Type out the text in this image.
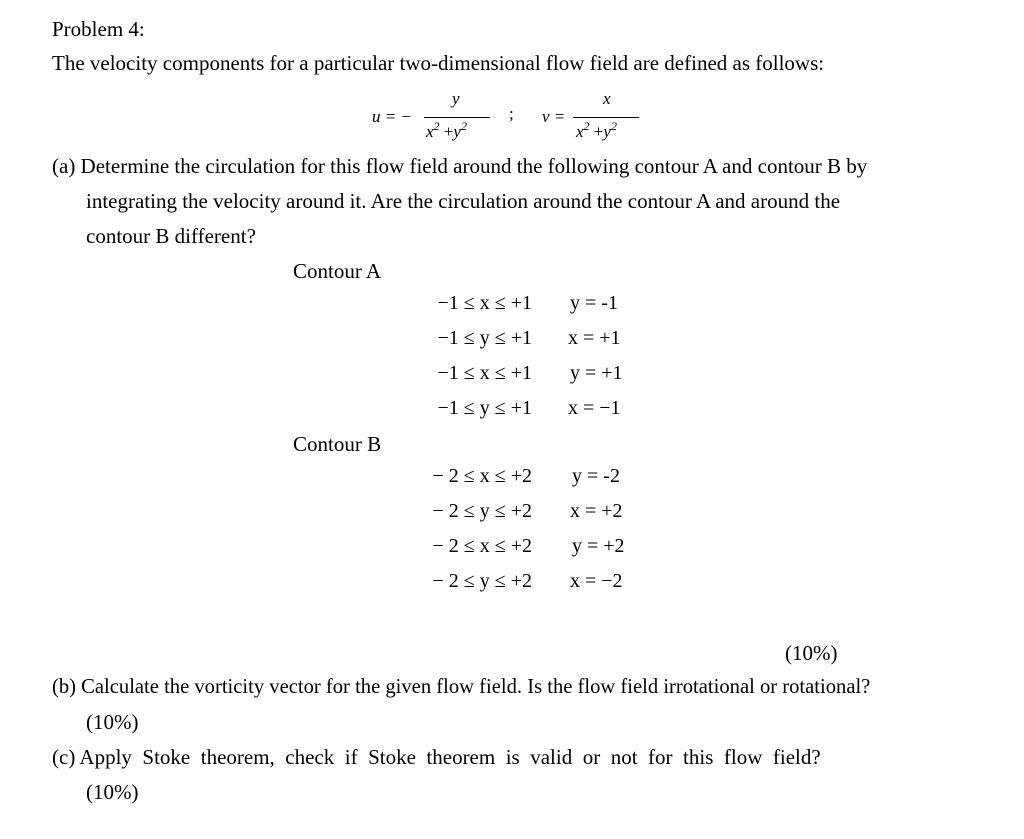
Problem 4:
The velocity components for a particular two-dimensional flow field are defined as follows:
u = −
y
$x^2 +y^2$
; v =
x
$x^2 +y^2$
(a) Determine the circulation for this flow field around the following contour A and contour B by
integrating the velocity around it. Are the circulation around the contour A and around the
contour B different?
Contour A
−1 ≤ x ≤ +1 y = -1
−1 ≤ y ≤ +1 x = +1
−1 ≤ x ≤ +1 y = +1
−1 ≤ y ≤ +1 x = −1
Contour B
− 2 ≤ x ≤ +2 y = -2
− 2 ≤ y ≤ +2 x = +2
− 2 ≤ x ≤ +2 y = +2
− 2 ≤ y ≤ +2 x = −2
(10%)
(b) Calculate the vorticity vector for the given flow field. Is the flow field irrotational or rotational?
(10%)
(c) Apply  Stoke  theorem,  check  if  Stoke  theorem  is  valid  or  not  for  this  flow  field?
(10%)
